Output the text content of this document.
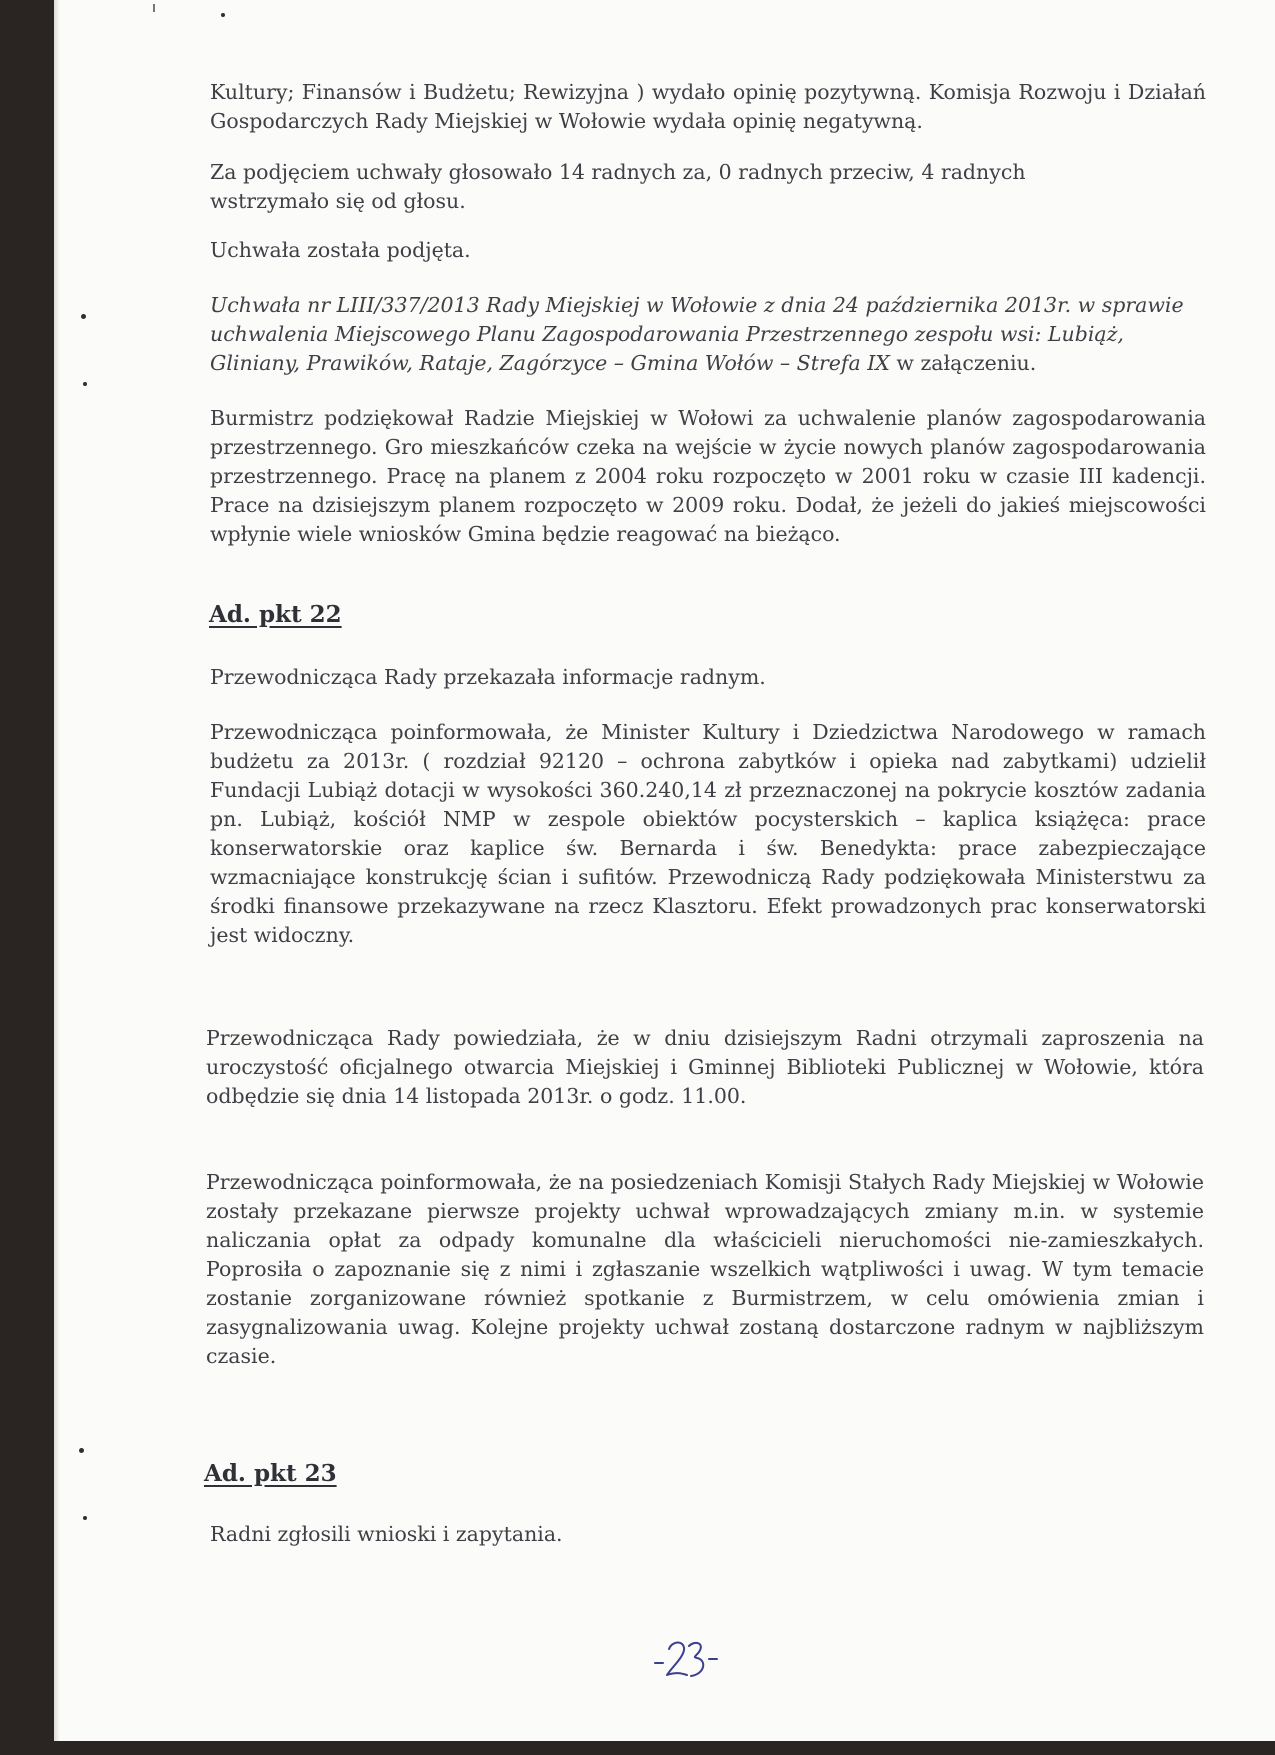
Kultury; Finansów i Budżetu; Rewizyjna ) wydało opinię pozytywną. Komisja Rozwoju i Działań Gospodarczych Rady Miejskiej w Wołowie wydała opinię negatywną.
Za podjęciem uchwały głosowało 14 radnych za, 0 radnych przeciw, 4 radnych wstrzymało się od głosu.
Uchwała została podjęta.
Uchwała nr LIII/337/2013 Rady Miejskiej w Wołowie z dnia 24 października 2013r. w sprawie uchwalenia Miejscowego Planu Zagospodarowania Przestrzennego zespołu wsi: Lubiąż, Gliniany, Prawików, Rataje, Zagórzyce – Gmina Wołów – Strefa IX w załączeniu.
Burmistrz podziękował Radzie Miejskiej w Wołowi za uchwalenie planów zagospodarowania przestrzennego. Gro mieszkańców czeka na wejście w życie nowych planów zagospodarowania przestrzennego. Pracę na planem z 2004 roku rozpoczęto w 2001 roku w czasie III kadencji. Prace na dzisiejszym planem rozpoczęto w 2009 roku. Dodał, że jeżeli do jakieś miejscowości wpłynie wiele wniosków Gmina będzie reagować na bieżąco.
Ad. pkt 22
Przewodnicząca Rady przekazała informacje radnym.
Przewodnicząca poinformowała, że Minister Kultury i Dziedzictwa Narodowego w ramach budżetu za 2013r. ( rozdział 92120 – ochrona zabytków i opieka nad zabytkami) udzielił Fundacji Lubiąż dotacji w wysokości 360.240,14 zł przeznaczonej na pokrycie kosztów zadania pn. Lubiąż, kościół NMP w zespole obiektów pocysterskich – kaplica książęca: prace konserwatorskie oraz kaplice św. Bernarda i św. Benedykta: prace zabezpieczające wzmacniające konstrukcję ścian i sufitów. Przewodniczą Rady podziękowała Ministerstwu za środki finansowe przekazywane na rzecz Klasztoru. Efekt prowadzonych prac konserwatorski jest widoczny.
Przewodnicząca Rady powiedziała, że w dniu dzisiejszym Radni otrzymali zaproszenia na uroczystość oficjalnego otwarcia Miejskiej i Gminnej Biblioteki Publicznej w Wołowie, która odbędzie się dnia 14 listopada 2013r. o godz. 11.00.
Przewodnicząca poinformowała, że na posiedzeniach Komisji Stałych Rady Miejskiej w Wołowie zostały przekazane pierwsze projekty uchwał wprowadzających zmiany m.in. w systemie naliczania opłat za odpady komunalne dla właścicieli nieruchomości nie-zamieszkałych. Poprosiła o zapoznanie się z nimi i zgłaszanie wszelkich wątpliwości i uwag. W tym temacie zostanie zorganizowane również spotkanie z Burmistrzem, w celu omówienia zmian i zasygnalizowania uwag. Kolejne projekty uchwał zostaną dostarczone radnym w najbliższym czasie.
Ad. pkt 23
Radni zgłosili wnioski i zapytania.
